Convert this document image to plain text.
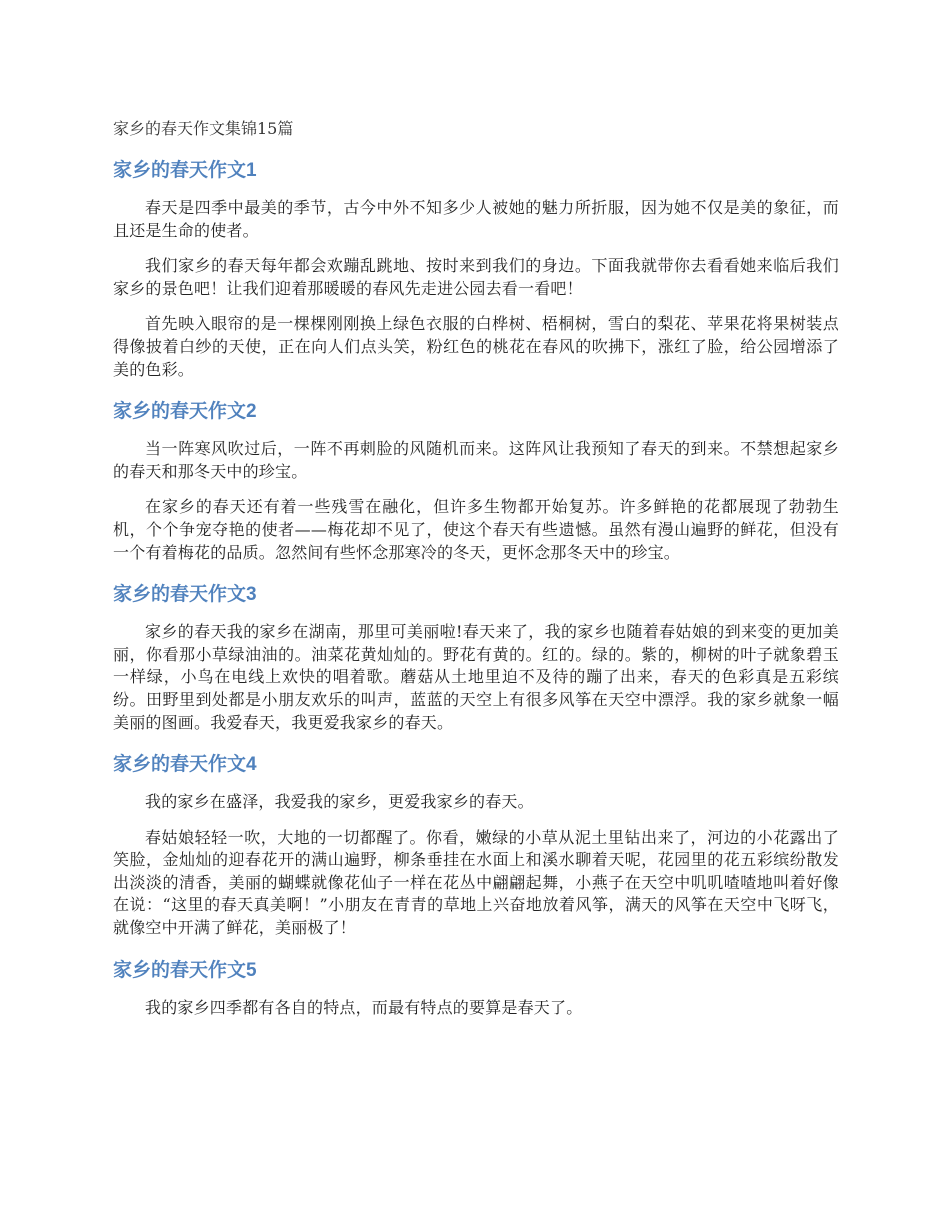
家乡的春天作文集锦15篇
家乡的春天作文1

春天是四季中最美的季节，古今中外不知多少人被她的魅力所折服，因为她不仅是美的象征，而且还是生命的使者。

我们家乡的春天每年都会欢蹦乱跳地、按时来到我们的身边。下面我就带你去看看她来临后我们家乡的景色吧！让我们迎着那暖暖的春风先走进公园去看一看吧！

首先映入眼帘的是一棵棵刚刚换上绿色衣服的白桦树、梧桐树，雪白的梨花、苹果花将果树装点得像披着白纱的天使，正在向人们点头笑，粉红色的桃花在春风的吹拂下，涨红了脸，给公园增添了美的色彩。

家乡的春天作文2

当一阵寒风吹过后，一阵不再刺脸的风随机而来。这阵风让我预知了春天的到来。不禁想起家乡的春天和那冬天中的珍宝。

在家乡的春天还有着一些残雪在融化，但许多生物都开始复苏。许多鲜艳的花都展现了勃勃生机，个个争宠夺艳的使者——梅花却不见了，使这个春天有些遗憾。虽然有漫山遍野的鲜花，但没有一个有着梅花的品质。忽然间有些怀念那寒冷的冬天，更怀念那冬天中的珍宝。

家乡的春天作文3

家乡的春天我的家乡在湖南，那里可美丽啦!春天来了，我的家乡也随着春姑娘的到来变的更加美丽，你看那小草绿油油的。油菜花黄灿灿的。野花有黄的。红的。绿的。紫的，柳树的叶子就象碧玉一样绿，小鸟在电线上欢快的唱着歌。蘑菇从土地里迫不及待的蹦了出来，春天的色彩真是五彩缤纷。田野里到处都是小朋友欢乐的叫声，蓝蓝的天空上有很多风筝在天空中漂浮。我的家乡就象一幅美丽的图画。我爱春天，我更爱我家乡的春天。

家乡的春天作文4

我的家乡在盛泽，我爱我的家乡，更爱我家乡的春天。

春姑娘轻轻一吹，大地的一切都醒了。你看，嫩绿的小草从泥土里钻出来了，河边的小花露出了笑脸，金灿灿的迎春花开的满山遍野，柳条垂挂在水面上和溪水聊着天呢，花园里的花五彩缤纷散发出淡淡的清香，美丽的蝴蝶就像花仙子一样在花丛中翩翩起舞，小燕子在天空中叽叽喳喳地叫着好像在说：“这里的春天真美啊！”小朋友在青青的草地上兴奋地放着风筝，满天的风筝在天空中飞呀飞，就像空中开满了鲜花，美丽极了！

家乡的春天作文5

我的家乡四季都有各自的特点，而最有特点的要算是春天了。
